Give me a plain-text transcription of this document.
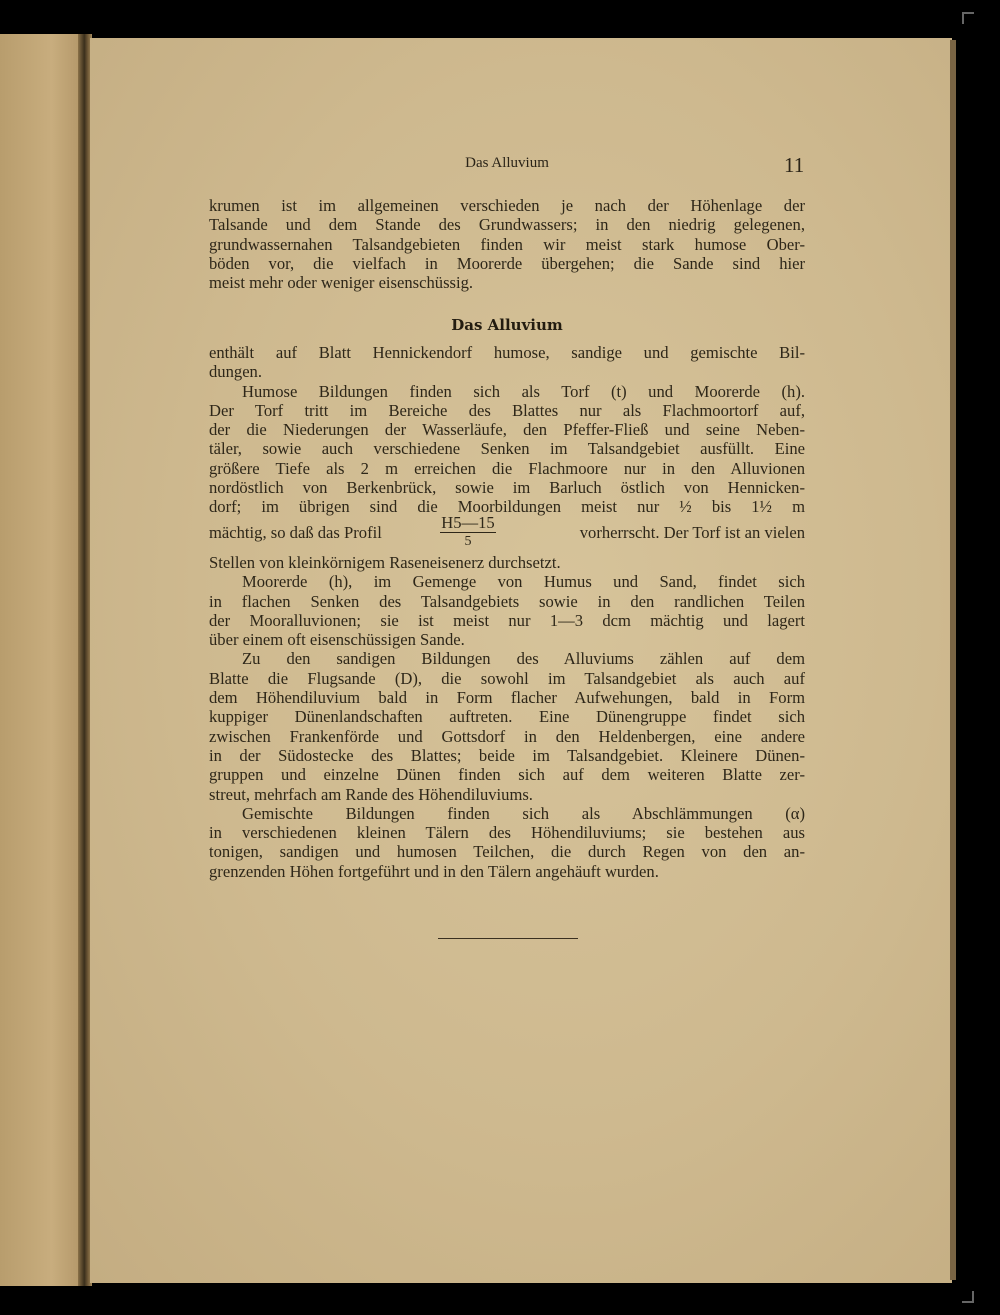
Das Alluvium	11
krumen ist im allgemeinen verschieden je nach der Höhenlage der
Talsande und dem Stande des Grundwassers; in den niedrig gelegenen,
grundwassernahen Talsandgebieten finden wir meist stark humose Ober-
böden vor, die vielfach in Moorerde übergehen; die Sande sind hier
meist mehr oder weniger eisenschüssig.
Das Alluvium
enthält auf Blatt Hennickendorf humose, sandige und gemischte Bil-
dungen.
Humose Bildungen finden sich als Torf (t) und Moorerde (h).
Der Torf tritt im Bereiche des Blattes nur als Flachmoortorf auf,
der die Niederungen der Wasserläufe, den Pfeffer-Fließ und seine Neben-
täler, sowie auch verschiedene Senken im Talsandgebiet ausfüllt. Eine
größere Tiefe als 2 m erreichen die Flachmoore nur in den Alluvionen
nordöstlich von Berkenbrück, sowie im Barluch östlich von Hennicken-
dorf; im übrigen sind die Moorbildungen meist nur ½ bis 1½ m
mächtig, so daß das Profil
H5—15
5	vorherrscht. Der Torf ist an vielen
Stellen von kleinkörnigem Raseneisenerz durchsetzt.
Moorerde (h), im Gemenge von Humus und Sand, findet sich
in flachen Senken des Talsandgebiets sowie in den randlichen Teilen
der Mooralluvionen; sie ist meist nur 1—3 dcm mächtig und lagert
über einem oft eisenschüssigen Sande.
Zu den sandigen Bildungen des Alluviums zählen auf dem
Blatte die Flugsande (D), die sowohl im Talsandgebiet als auch auf
dem Höhendiluvium bald in Form flacher Aufwehungen, bald in Form
kuppiger Dünenlandschaften auftreten. Eine Dünengruppe findet sich
zwischen Frankenförde und Gottsdorf in den Heldenbergen, eine andere
in der Südostecke des Blattes; beide im Talsandgebiet. Kleinere Dünen-
gruppen und einzelne Dünen finden sich auf dem weiteren Blatte zer-
streut, mehrfach am Rande des Höhendiluviums.
Gemischte Bildungen finden sich als Abschlämmungen (α)
in verschiedenen kleinen Tälern des Höhendiluviums; sie bestehen aus
tonigen, sandigen und humosen Teilchen, die durch Regen von den an-
grenzenden Höhen fortgeführt und in den Tälern angehäuft wurden.
